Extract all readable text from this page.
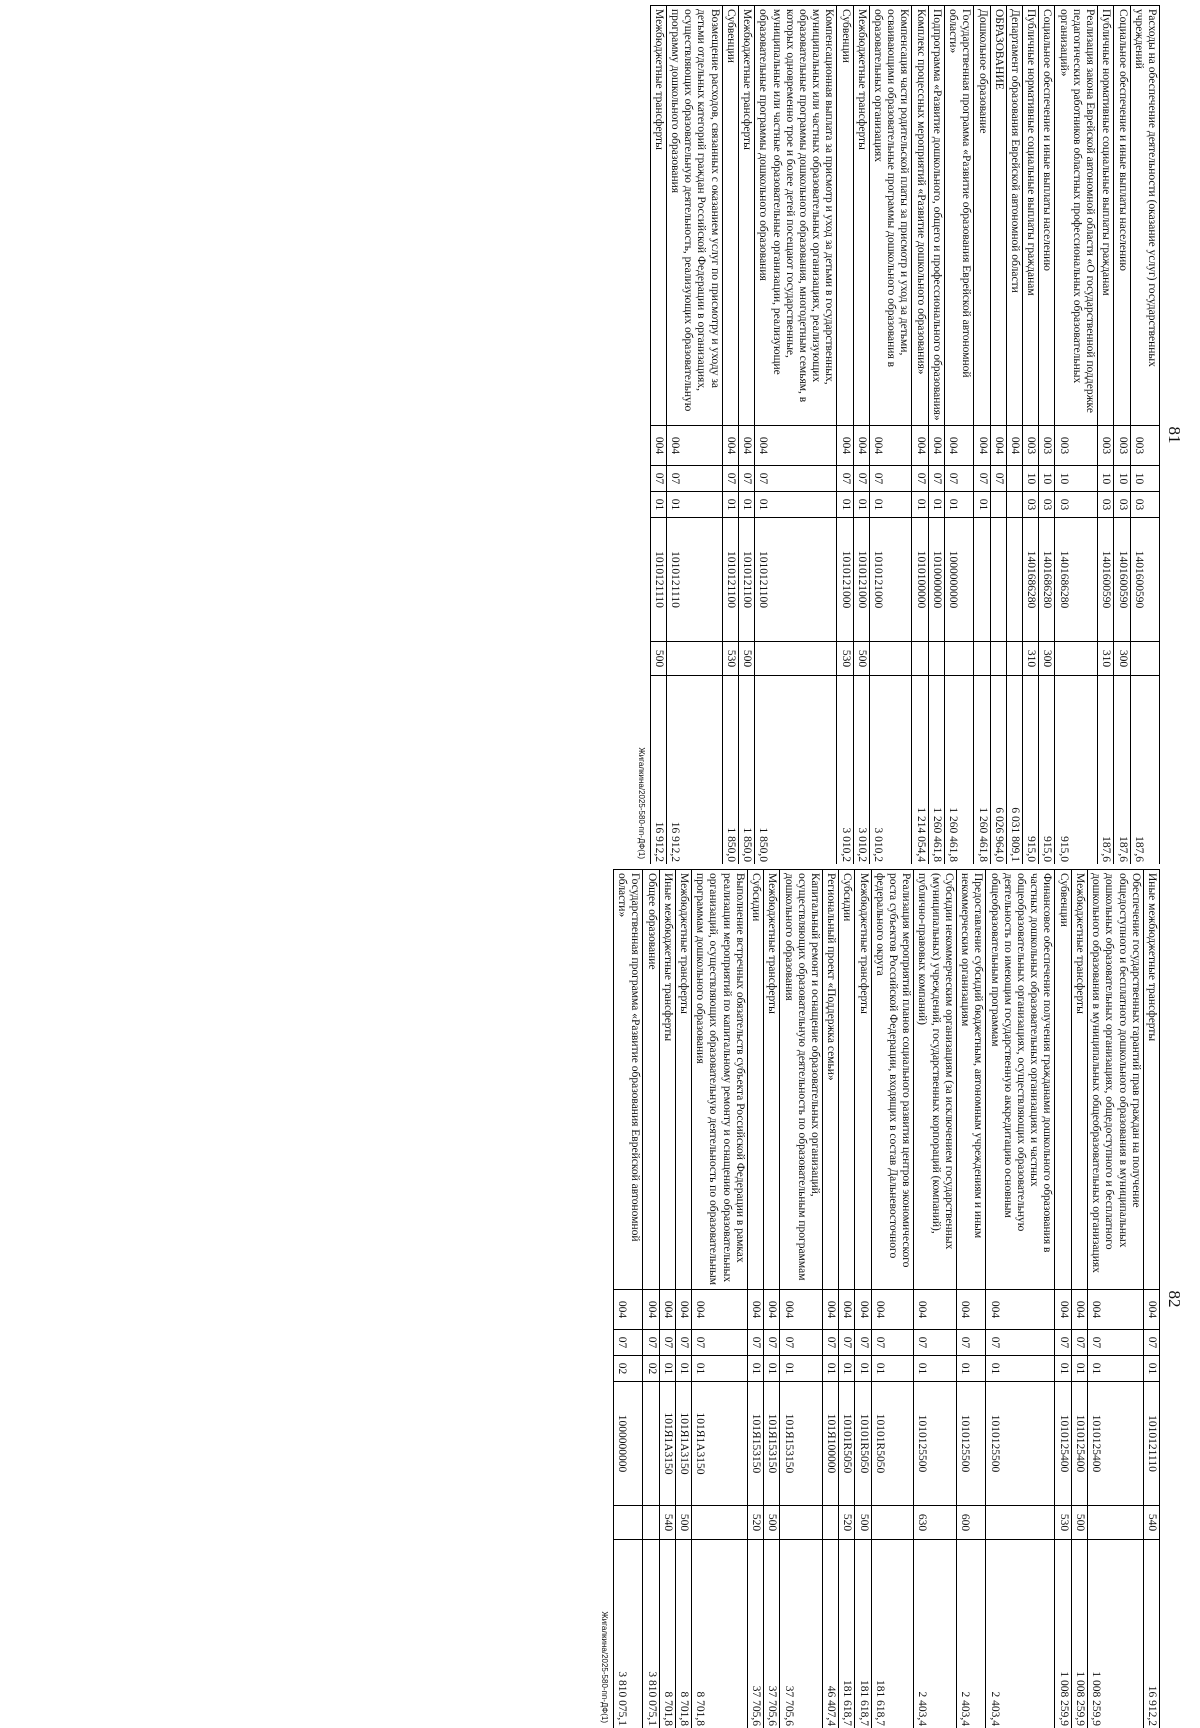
81
Расходы на обеспечение деятельности (оказание услуг) государственных учреждений	003	10	03	1401600590		187,6
Социальное обеспечение и иные выплаты населению	003	10	03	1401600590	300	187,6
Публичные нормативные социальные выплаты гражданам	003	10	03	1401600590	310	187,6
Реализация закона Еврейской автономной области «О государственной поддержке педагогических работников областных профессиональных образовательных организаций»	003	10	03	1401686280		915,0
Социальное обеспечение и иные выплаты населению	003	10	03	1401686280	300	915,0
Публичные нормативные социальные выплаты гражданам	003	10	03	1401686280	310	915,0
Департамент образования Еврейской автономной области	004					6 031 809,1
ОБРАЗОВАНИЕ	004	07				6 026 964,0
Дошкольное образование	004	07	01			1 260 461,8
Государственная программа «Развитие образования Еврейской автономной области»	004	07	01	1000000000		1 260 461,8
Подпрограмма «Развитие дошкольного, общего и профессионального образования»	004	07	01	1010000000		1 260 461,8
Комплекс процессных мероприятий «Развитие дошкольного образования»	004	07	01	1010100000		1 214 054,4
Компенсация части родительской платы за присмотр и уход за детьми, осваивающими образовательные программы дошкольного образования в образовательных организациях	004	07	01	1010121000		3 010,2
Межбюджетные трансферты	004	07	01	1010121000	500	3 010,2
Субвенции	004	07	01	1010121000	530	3 010,2
Компенсационная выплата за присмотр и уход за детьми в государственных, муниципальных или частных образовательных организациях, реализующих образовательные программы дошкольного образования, многодетным семьям, в которых одновременно трое и более детей посещают государственные, муниципальные или частные образовательные организации, реализующие образовательные программы дошкольного образования	004	07	01	1010121100		1 850,0
Межбюджетные трансферты	004	07	01	1010121100	500	1 850,0
Субвенции	004	07	01	1010121100	530	1 850,0
Возмещение расходов, связанных с оказанием услуг по присмотру и уходу за детьми отдельных категорий граждан Российской Федерации в организациях, осуществляющих образовательную деятельность, реализующих образовательную программу дошкольного образования	004	07	01	1010121110		16 912,2
Межбюджетные трансферты	004	07	01	1010121110	500	16 912,2
Жигалкина/2025-580-пп-ДФ(1)
82
Иные межбюджетные трансферты	004	07	01	1010121110	540	16 912,2
Обеспечение государственных гарантий прав граждан на получение общедоступного и бесплатного дошкольного образования в муниципальных дошкольных образовательных организациях, общедоступного и бесплатного дошкольного образования в муниципальных общеобразовательных организациях	004	07	01	1010125400		1 008 259,9
Межбюджетные трансферты	004	07	01	1010125400	500	1 008 259,9
Субвенции	004	07	01	1010125400	530	1 008 259,9
Финансовое обеспечение получения гражданами дошкольного образования в частных дошкольных образовательных организациях и частных общеобразовательных организациях, осуществляющих образовательную деятельность по имеющим государственную аккредитацию основным общеобразовательным программам	004	07	01	1010125500		2 403,4
Предоставление субсидий бюджетным, автономным учреждениям и иным некоммерческим организациям	004	07	01	1010125500	600	2 403,4
Субсидии некоммерческим организациям (за исключением государственных (муниципальных) учреждений, государственных корпораций (компаний), публично-правовых компаний)	004	07	01	1010125500	630	2 403,4
Реализация мероприятий планов социального развития центров экономического роста субъектов Российской Федерации, входящих в состав Дальневосточного федерального округа	004	07	01	10101R5050		181 618,7
Межбюджетные трансферты	004	07	01	10101R5050	500	181 618,7
Субсидии	004	07	01	10101R5050	520	181 618,7
Региональный проект «Поддержка семьи»	004	07	01	101Я100000		46 407,4
Капитальный ремонт и оснащение образовательных организаций, осуществляющих образовательную деятельность по образовательным программам дошкольного образования	004	07	01	101Я153150		37 705,6
Межбюджетные трансферты	004	07	01	101Я153150	500	37 705,6
Субсидии	004	07	01	101Я153150	520	37 705,6
Выполнение встречных обязательств субъекта Российской Федерации в рамках реализации мероприятий по капитальному ремонту и оснащению образовательных организаций, осуществляющих образовательную деятельность по образовательным программам дошкольного образования	004	07	01	101Я1А3150		8 701,8
Межбюджетные трансферты	004	07	01	101Я1А3150	500	8 701,8
Иные межбюджетные трансферты	004	07	01	101Я1А3150	540	8 701,8
Общее образование	004	07	02			3 810 075,1
Государственная программа «Развитие образования Еврейской автономной области»	004	07	02	1000000000		3 810 075,1
Жигалкина/2025-580-пп-ДФ(1)
